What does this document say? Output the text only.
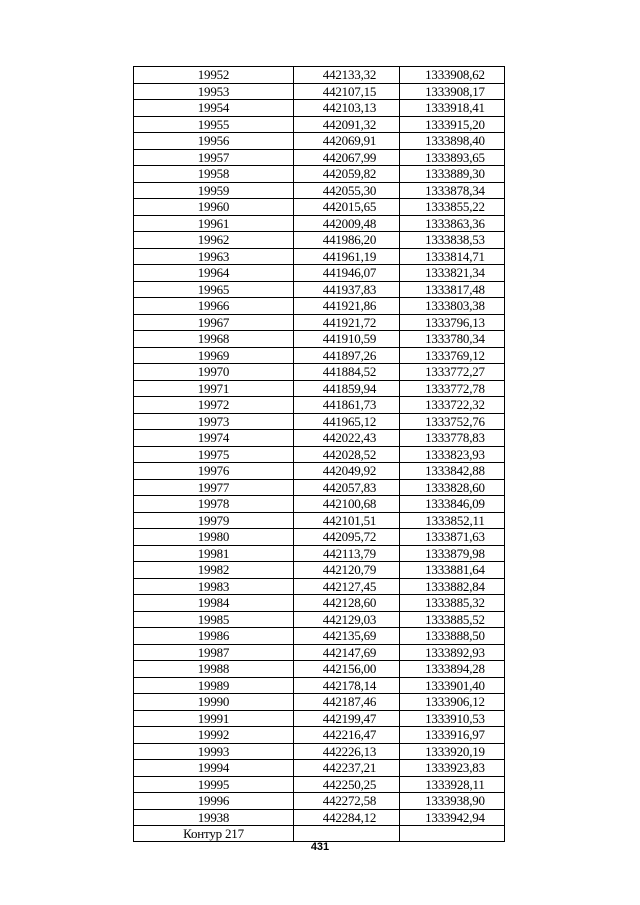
19952	442133,32	1333908,62
19953	442107,15	1333908,17
19954	442103,13	1333918,41
19955	442091,32	1333915,20
19956	442069,91	1333898,40
19957	442067,99	1333893,65
19958	442059,82	1333889,30
19959	442055,30	1333878,34
19960	442015,65	1333855,22
19961	442009,48	1333863,36
19962	441986,20	1333838,53
19963	441961,19	1333814,71
19964	441946,07	1333821,34
19965	441937,83	1333817,48
19966	441921,86	1333803,38
19967	441921,72	1333796,13
19968	441910,59	1333780,34
19969	441897,26	1333769,12
19970	441884,52	1333772,27
19971	441859,94	1333772,78
19972	441861,73	1333722,32
19973	441965,12	1333752,76
19974	442022,43	1333778,83
19975	442028,52	1333823,93
19976	442049,92	1333842,88
19977	442057,83	1333828,60
19978	442100,68	1333846,09
19979	442101,51	1333852,11
19980	442095,72	1333871,63
19981	442113,79	1333879,98
19982	442120,79	1333881,64
19983	442127,45	1333882,84
19984	442128,60	1333885,32
19985	442129,03	1333885,52
19986	442135,69	1333888,50
19987	442147,69	1333892,93
19988	442156,00	1333894,28
19989	442178,14	1333901,40
19990	442187,46	1333906,12
19991	442199,47	1333910,53
19992	442216,47	1333916,97
19993	442226,13	1333920,19
19994	442237,21	1333923,83
19995	442250,25	1333928,11
19996	442272,58	1333938,90
19938	442284,12	1333942,94
Контур 217		
431
